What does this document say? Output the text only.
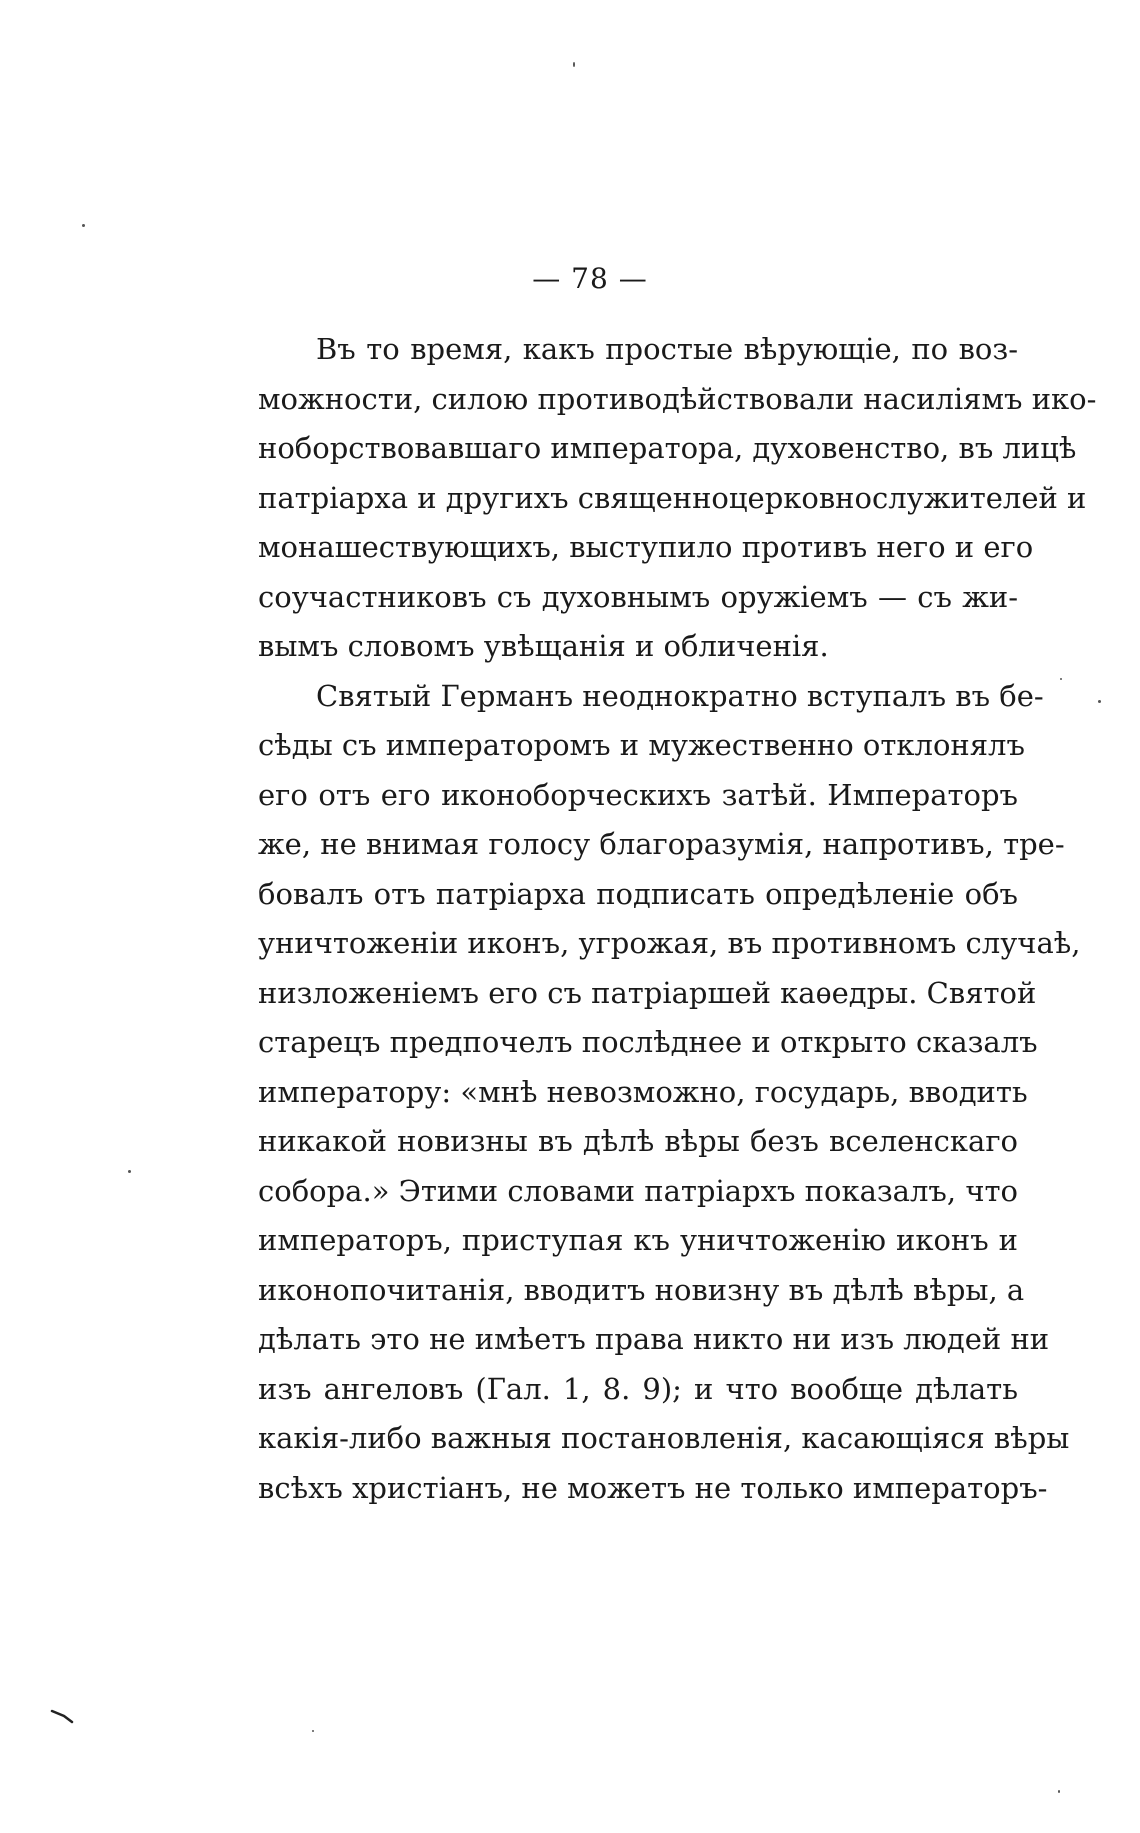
— 78 —

Въ то время, какъ простые вѣрующіе, по воз-
можности, силою противодѣйствовали насиліямъ ико-
ноборствовавшаго императора, духовенство, въ лицѣ
патріарха и другихъ священноцерковнослужителей и
монашествующихъ, выступило противъ него и его
соучастниковъ съ духовнымъ оружіемъ — съ жи-
вымъ словомъ увѣщанія и обличенія.

Святый Германъ неоднократно вступалъ въ бе-
сѣды съ императоромъ и мужественно отклонялъ
его отъ его иконоборческихъ затѣй. Императоръ
же, не внимая голосу благоразумія, напротивъ, тре-
бовалъ отъ патріарха подписать опредѣленіе объ
уничтоженіи иконъ, угрожая, въ противномъ случаѣ,
низложеніемъ его съ патріаршей каѳедры. Святой
старецъ предпочелъ послѣднее и открыто сказалъ
императору: «мнѣ невозможно, государь, вводить
никакой новизны въ дѣлѣ вѣры безъ вселенскаго
собора.» Этими словами патріархъ показалъ, что
императоръ, приступая къ уничтоженію иконъ и
иконопочитанія, вводитъ новизну въ дѣлѣ вѣры, а
дѣлать это не имѣетъ права никто ни изъ людей ни
изъ ангеловъ (Гал. 1, 8. 9); и что вообще дѣлать
какія-либо важныя постановленія, касающіяся вѣры
всѣхъ христіанъ, не можетъ не только императоръ-
